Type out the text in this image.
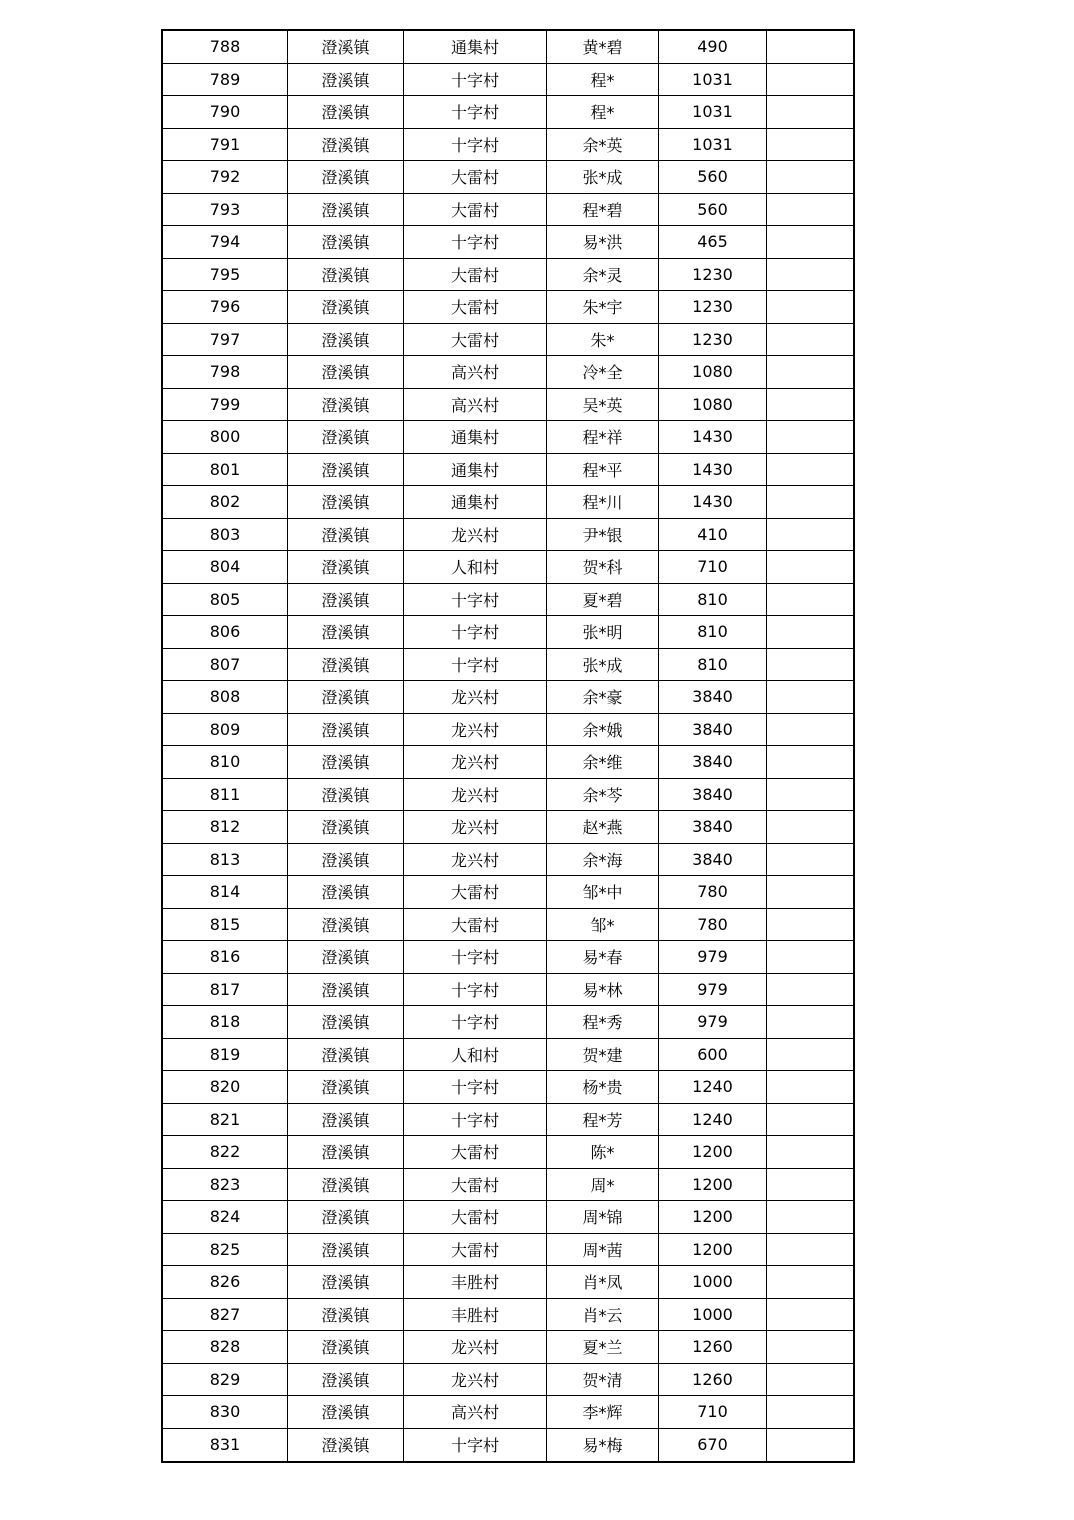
788	澄溪镇	通集村	黄*碧	490
789	澄溪镇	十字村	程*	1031
790	澄溪镇	十字村	程*	1031
791	澄溪镇	十字村	余*英	1031
792	澄溪镇	大雷村	张*成	560
793	澄溪镇	大雷村	程*碧	560
794	澄溪镇	十字村	易*洪	465
795	澄溪镇	大雷村	余*灵	1230
796	澄溪镇	大雷村	朱*宇	1230
797	澄溪镇	大雷村	朱*	1230
798	澄溪镇	高兴村	冷*全	1080
799	澄溪镇	高兴村	吴*英	1080
800	澄溪镇	通集村	程*祥	1430
801	澄溪镇	通集村	程*平	1430
802	澄溪镇	通集村	程*川	1430
803	澄溪镇	龙兴村	尹*银	410
804	澄溪镇	人和村	贺*科	710
805	澄溪镇	十字村	夏*碧	810
806	澄溪镇	十字村	张*明	810
807	澄溪镇	十字村	张*成	810
808	澄溪镇	龙兴村	余*豪	3840
809	澄溪镇	龙兴村	余*娥	3840
810	澄溪镇	龙兴村	余*维	3840
811	澄溪镇	龙兴村	余*芩	3840
812	澄溪镇	龙兴村	赵*燕	3840
813	澄溪镇	龙兴村	余*海	3840
814	澄溪镇	大雷村	邹*中	780
815	澄溪镇	大雷村	邹*	780
816	澄溪镇	十字村	易*春	979
817	澄溪镇	十字村	易*林	979
818	澄溪镇	十字村	程*秀	979
819	澄溪镇	人和村	贺*建	600
820	澄溪镇	十字村	杨*贵	1240
821	澄溪镇	十字村	程*芳	1240
822	澄溪镇	大雷村	陈*	1200
823	澄溪镇	大雷村	周*	1200
824	澄溪镇	大雷村	周*锦	1200
825	澄溪镇	大雷村	周*茜	1200
826	澄溪镇	丰胜村	肖*凤	1000
827	澄溪镇	丰胜村	肖*云	1000
828	澄溪镇	龙兴村	夏*兰	1260
829	澄溪镇	龙兴村	贺*清	1260
830	澄溪镇	高兴村	李*辉	710
831	澄溪镇	十字村	易*梅	670
